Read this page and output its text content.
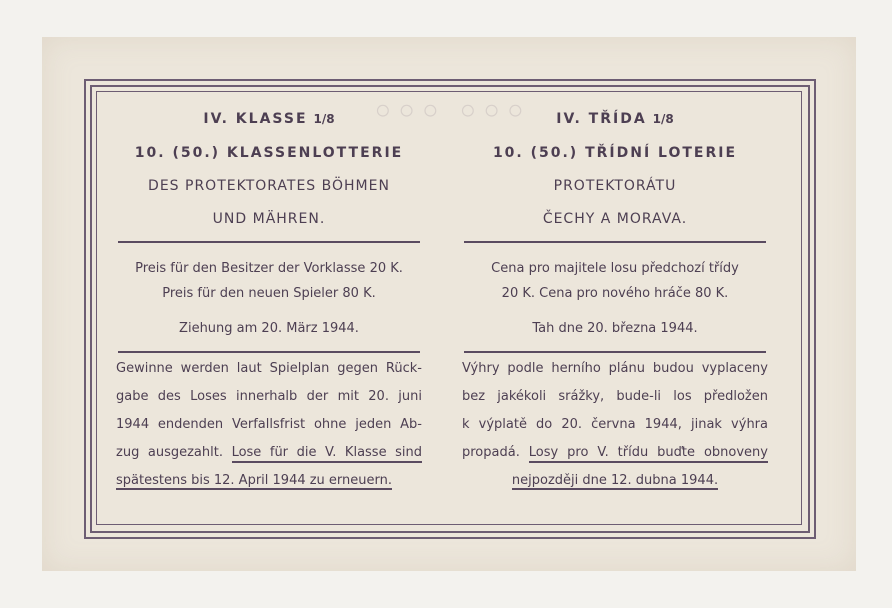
◦◦◦ ◦◦◦
IV. KLASSE 1/8
10. (50.) KLASSENLOTTERIE
DES PROTEKTORATES BÖHMEN
UND MÄHREN.
Preis für den Besitzer der Vorklasse 20 K.
Preis für den neuen Spieler 80 K.
Ziehung am 20. März 1944.
Gewinne werden laut Spielplan gegen Rück-
gabe des Loses innerhalb der mit 20. juni
1944 endenden Verfallsfrist ohne jeden Ab-
zug ausgezahlt. Lose für die V. Klasse sind
spätestens bis 12. April 1944 zu erneuern.
IV. TŘÍDA 1/8
10. (50.) TŘÍDNÍ LOTERIE
PROTEKTORÁTU
ČECHY A MORAVA.
Cena pro majitele losu předchozí třídy
20 K. Cena pro nového hráče 80 K.
Tah dne 20. března 1944.
Výhry podle herního plánu budou vyplaceny
bez jakékoli srážky, bude-li los předložen
k výplatě do 20. června 1944, jinak výhra
propadá. Losy pro V. třídu buďte obnoveny
nejpozději dne 12. dubna 1944.
